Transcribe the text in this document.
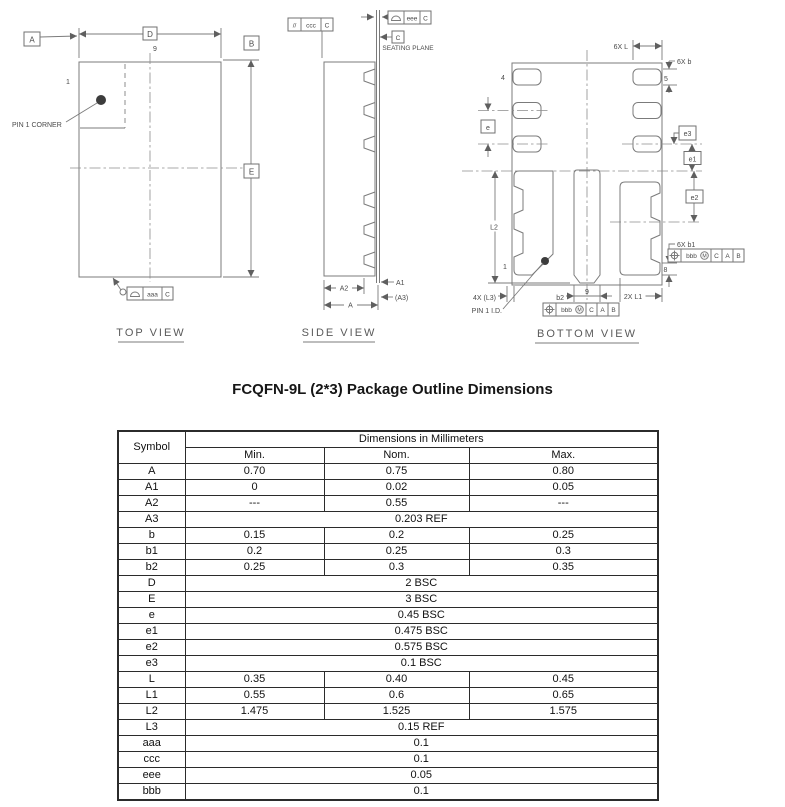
PIN 1 CORNER
1
9
D
A	B
E
aaa C
TOP VIEW
// ccc C
eee C
C
SEATING PLANE
A2
A1
(A3)
A
SIDE VIEW
e
4	5
6X L
6X b
e3
e1
e2
L2
1
6X b1
8
bbb M C A B
4X (L3)
PIN 1 I.D.
9
b2	2X L1
bbb M C A B
BOTTOM VIEW
FCQFN-9L (2*3) Package Outline Dimensions
Symbol	Dimensions in Millimeters		
	Min.	Nom.	Max.
A	0.70	0.75	0.80
A1	0	0.02	0.05
A2	---	0.55	---
A3	0.203 REF		
b	0.15	0.2	0.25
b1	0.2	0.25	0.3
b2	0.25	0.3	0.35
D	2 BSC		
E	3 BSC		
e	0.45 BSC		
e1	0.475 BSC		
e2	0.575 BSC		
e3	0.1 BSC		
L	0.35	0.40	0.45
L1	0.55	0.6	0.65
L2	1.475	1.525	1.575
L3	0.15 REF		
aaa	0.1		
ccc	0.1		
eee	0.05		
bbb	0.1		
